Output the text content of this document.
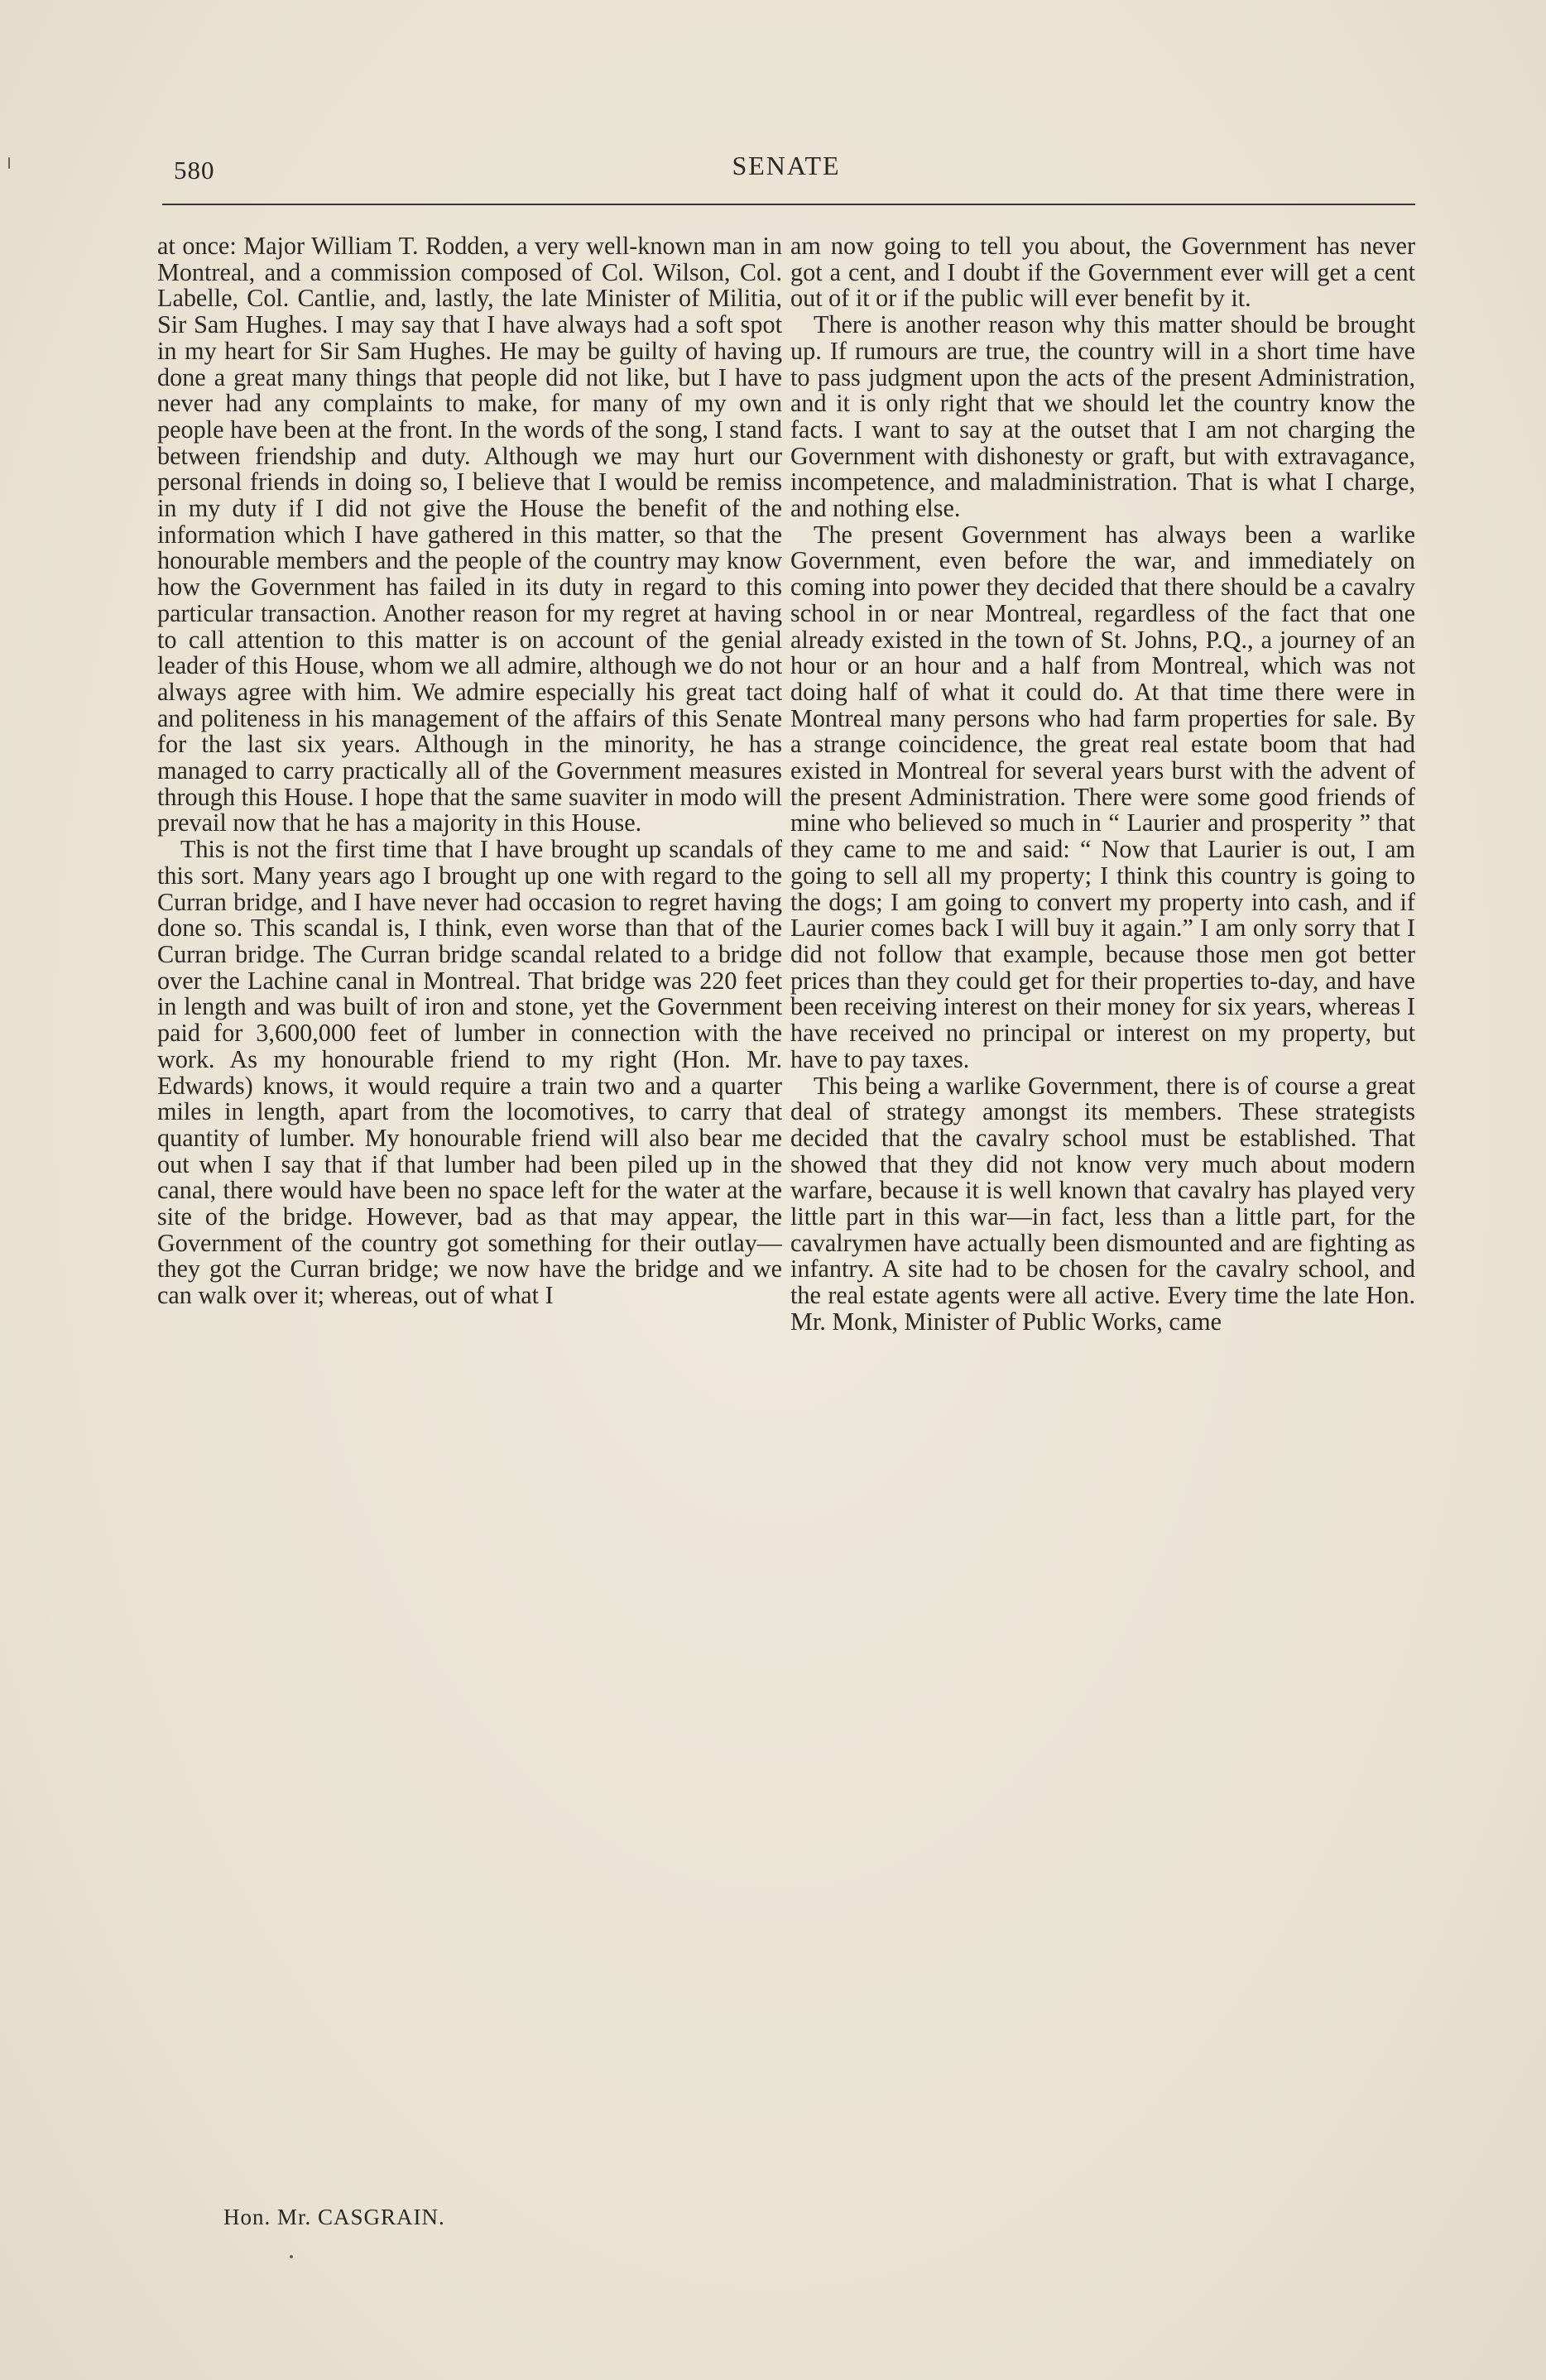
580	SENATE

at once: Major William T. Rodden, a very well-known man in Montreal, and a commission composed of Col. Wilson, Col. Labelle, Col. Cantlie, and, lastly, the late Minister of Militia, Sir Sam Hughes. I may say that I have always had a soft spot in my heart for Sir Sam Hughes. He may be guilty of having done a great many things that people did not like, but I have never had any complaints to make, for many of my own people have been at the front. In the words of the song, I stand between friendship and duty. Although we may hurt our personal friends in doing so, I believe that I would be remiss in my duty if I did not give the House the benefit of the information which I have gathered in this matter, so that the honourable members and the people of the country may know how the Government has failed in its duty in regard to this particular transaction. Another reason for my regret at having to call attention to this matter is on account of the genial leader of this House, whom we all admire, although we do not always agree with him. We admire especially his great tact and politeness in his management of the affairs of this Senate for the last six years. Although in the minority, he has managed to carry practically all of the Government measures through this House. I hope that the same suaviter in modo will prevail now that he has a majority in this House.

This is not the first time that I have brought up scandals of this sort. Many years ago I brought up one with regard to the Curran bridge, and I have never had occasion to regret having done so. This scandal is, I think, even worse than that of the Curran bridge. The Curran bridge scandal related to a bridge over the Lachine canal in Montreal. That bridge was 220 feet in length and was built of iron and stone, yet the Government paid for 3,600,000 feet of lumber in connection with the work. As my honourable friend to my right (Hon. Mr. Edwards) knows, it would require a train two and a quarter miles in length, apart from the locomotives, to carry that quantity of lumber. My honourable friend will also bear me out when I say that if that lumber had been piled up in the canal, there would have been no space left for the water at the site of the bridge. However, bad as that may appear, the Government of the country got something for their outlay—they got the Curran bridge; we now have the bridge and we can walk over it; whereas, out of what I

am now going to tell you about, the Government has never got a cent, and I doubt if the Government ever will get a cent out of it or if the public will ever benefit by it.

There is another reason why this matter should be brought up. If rumours are true, the country will in a short time have to pass judgment upon the acts of the present Administration, and it is only right that we should let the country know the facts. I want to say at the outset that I am not charging the Government with dishonesty or graft, but with extravagance, incompetence, and maladministration. That is what I charge, and nothing else.

The present Government has always been a warlike Government, even before the war, and immediately on coming into power they decided that there should be a cavalry school in or near Montreal, regardless of the fact that one already existed in the town of St. Johns, P.Q., a journey of an hour or an hour and a half from Montreal, which was not doing half of what it could do. At that time there were in Montreal many persons who had farm properties for sale. By a strange coincidence, the great real estate boom that had existed in Montreal for several years burst with the advent of the present Administration. There were some good friends of mine who believed so much in “ Laurier and prosperity ” that they came to me and said: “ Now that Laurier is out, I am going to sell all my property; I think this country is going to the dogs; I am going to convert my property into cash, and if Laurier comes back I will buy it again.” I am only sorry that I did not follow that example, because those men got better prices than they could get for their properties to-day, and have been receiving interest on their money for six years, whereas I have received no principal or interest on my property, but have to pay taxes.

This being a warlike Government, there is of course a great deal of strategy amongst its members. These strategists decided that the cavalry school must be established. That showed that they did not know very much about modern warfare, because it is well known that cavalry has played very little part in this war—in fact, less than a little part, for the cavalrymen have actually been dismounted and are fighting as infantry. A site had to be chosen for the cavalry school, and the real estate agents were all active. Every time the late Hon. Mr. Monk, Minister of Public Works, came

Hon. Mr. CASGRAIN.
